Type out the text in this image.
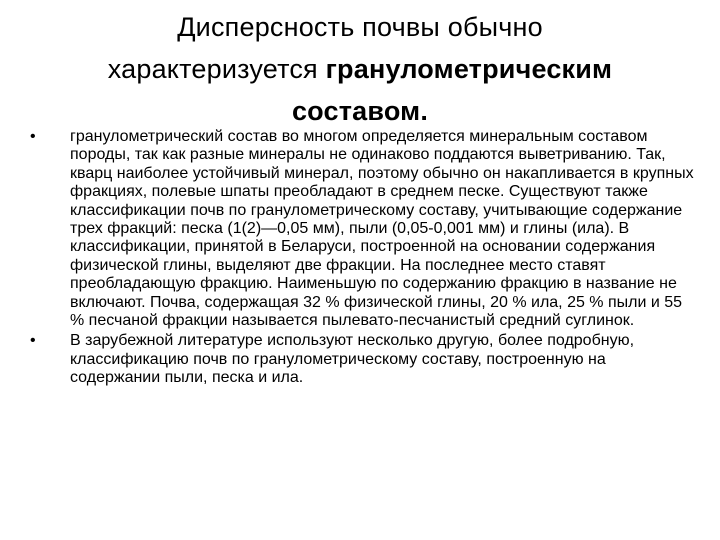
Дисперсность почвы обычно
характеризуется гранулометрическим
составом.
• гранулометрический состав во многом определяется минеральным составом породы, так как разные минералы не одинаково поддаются выветриванию. Так, кварц наиболее устойчивый минерал, поэтому обычно он накапливается в крупных фракциях, полевые шпаты преобладают в среднем песке. Существуют также классификации почв по гранулометрическому составу, учитывающие содержание трех фракций: песка (1(2)—0,05 мм), пыли (0,05-0,001 мм) и глины (ила). В классификации, принятой в Беларуси, построенной на основании содержания физической глины, выделяют две фракции. На последнее место ставят преобладающую фракцию. Наименьшую по содержанию фракцию в название не включают. Почва, содержащая 32 % физической глины, 20 % ила, 25 % пыли и 55 % песчаной фракции называется пылевато-песчанистый средний суглинок.
• В зарубежной литературе используют несколько другую, более подробную, классификацию почв по гранулометрическому составу, построенную на содержании пыли, песка и ила.
